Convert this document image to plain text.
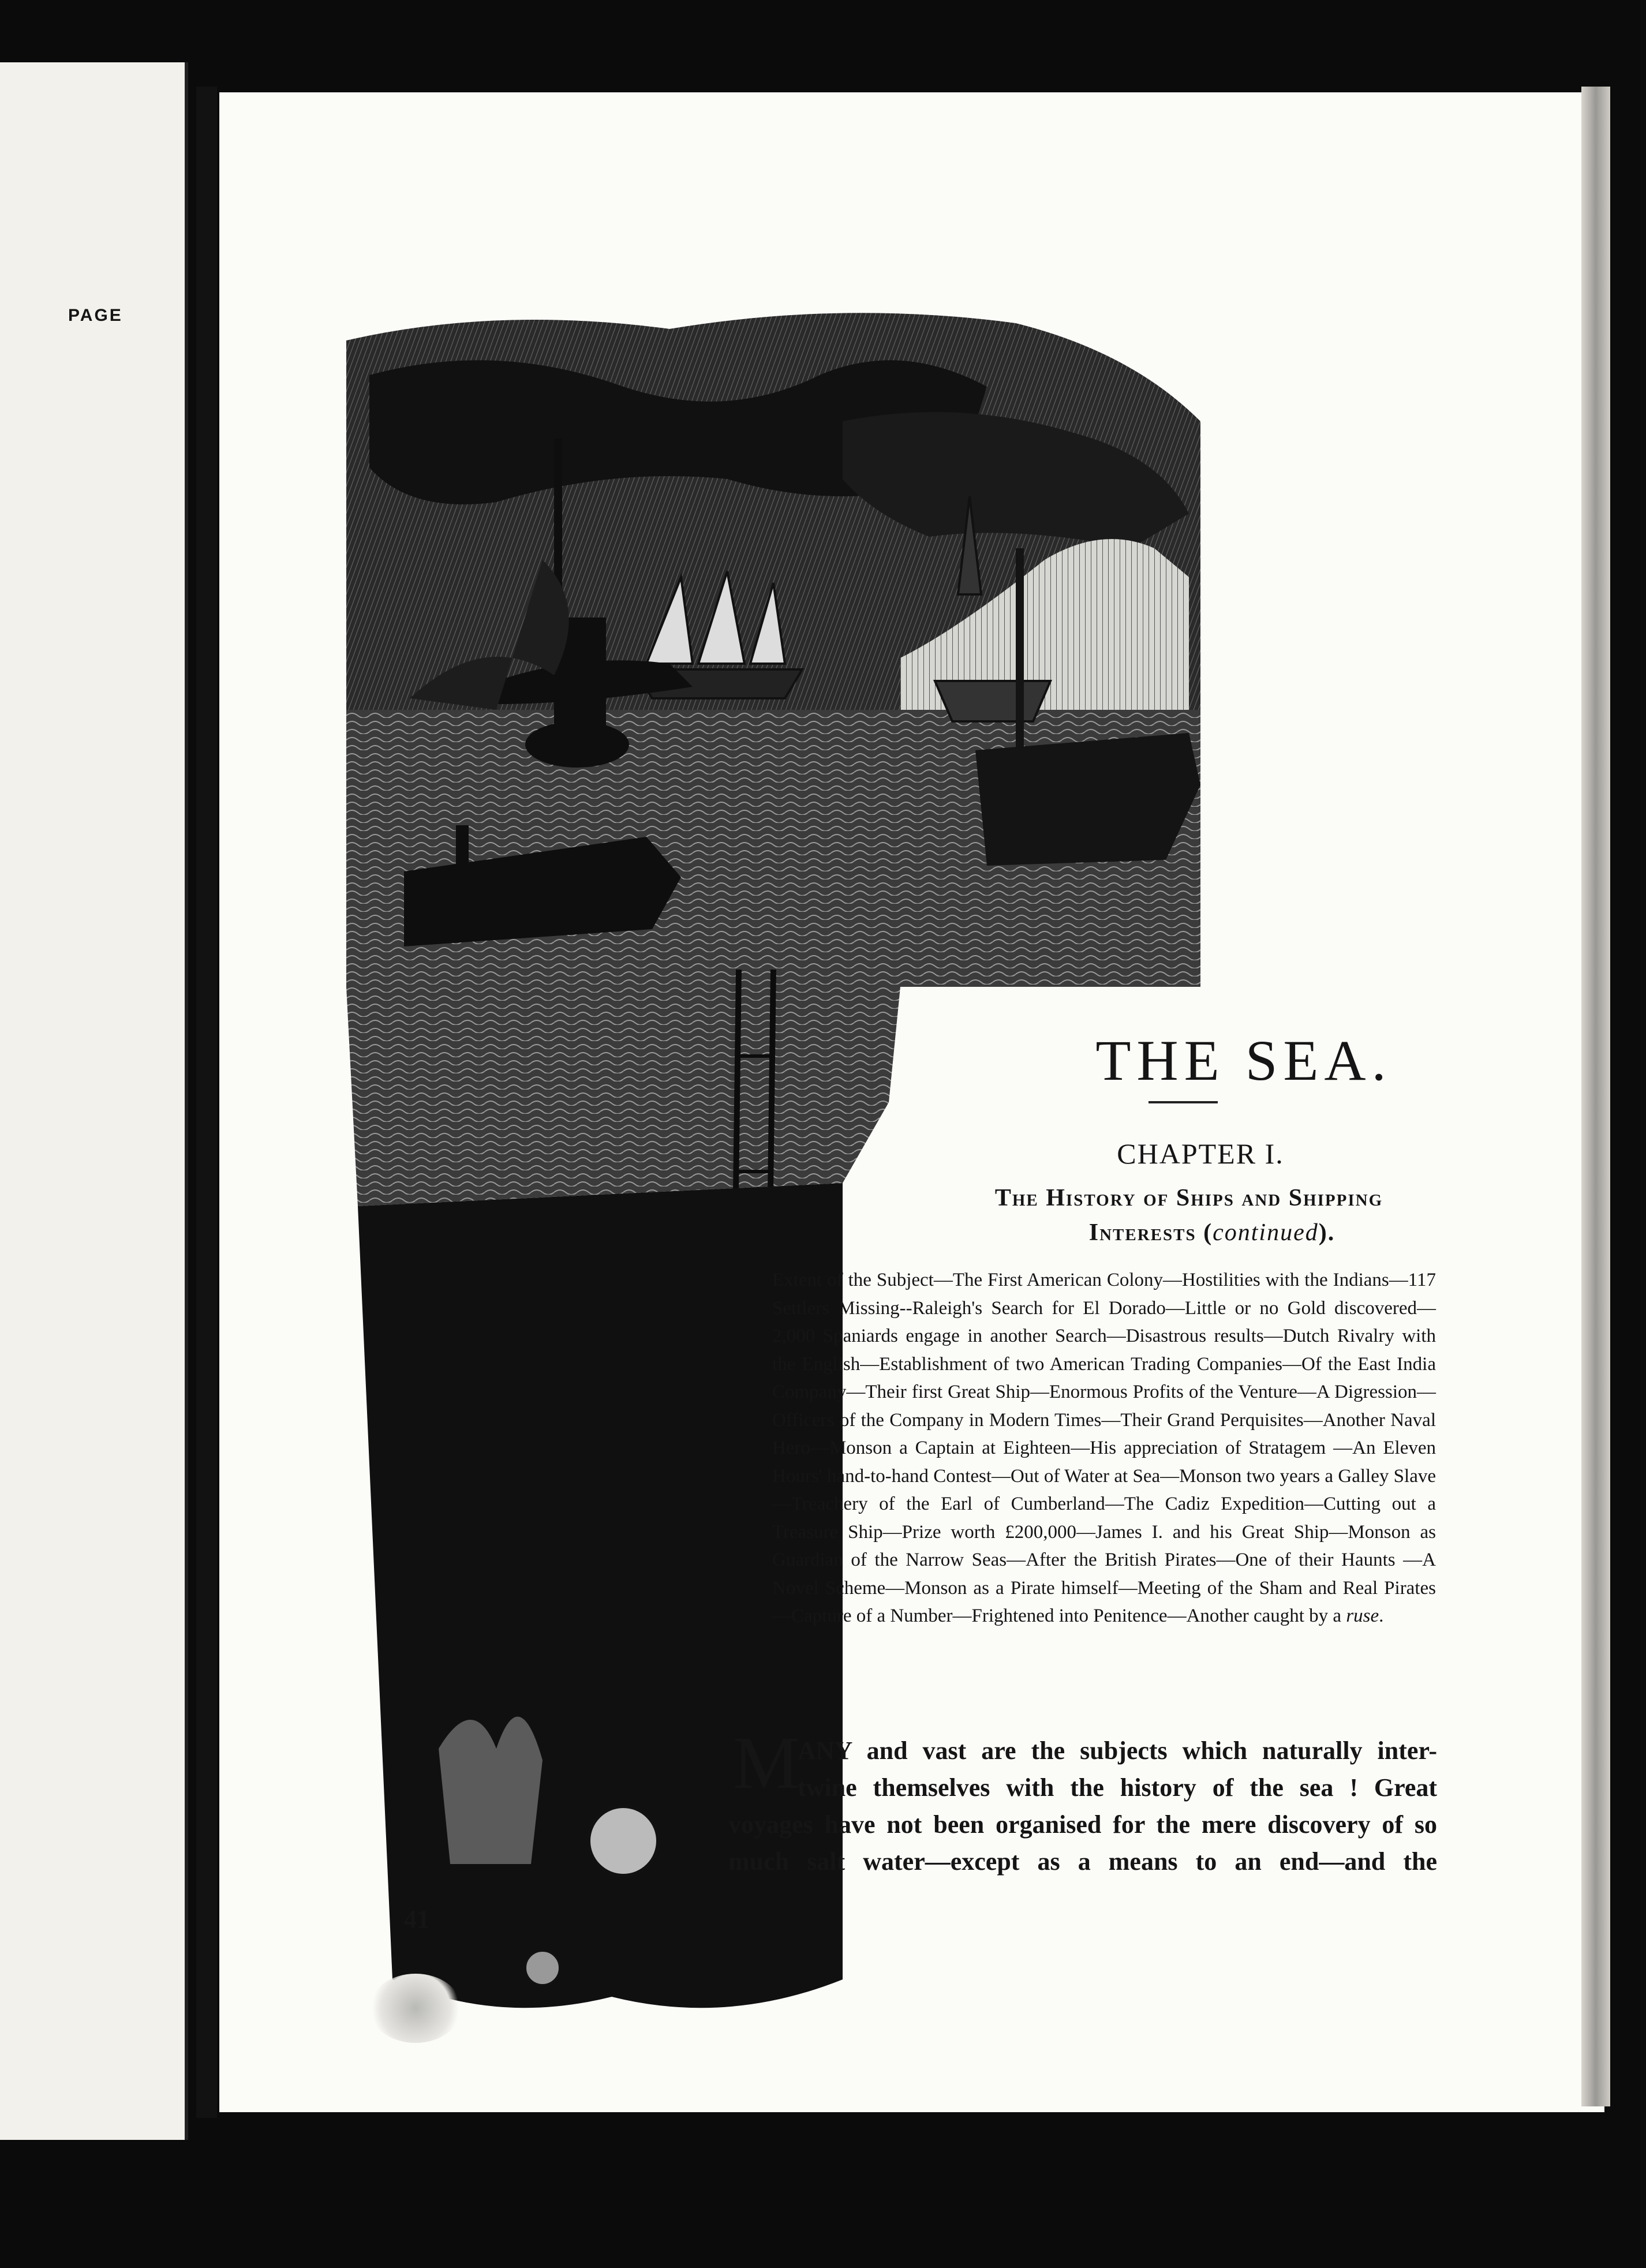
PAGE
THE SEA.
CHAPTER I.
The History of Ships and Shipping
Interests (continued).
Extent of the Subject—The First American Colony—Hostilities with the Indians—117 Settlers Missing--Raleigh's Search for El Dorado—Little or no Gold discovered—2,000 Spaniards engage in another Search—Disastrous results—Dutch Rivalry with the English—Establishment of two American Trading Companies—Of the East India Company—Their first Great Ship—Enormous Profits of the Venture—A Digression—Officers of the Company in Modern Times—Their Grand Perquisites—Another Naval Hero—Monson a Captain at Eighteen—His appreciation of Stratagem —An Eleven Hours' hand-to-hand Contest—Out of Water at Sea—Monson two years a Galley Slave—Treachery of the Earl of Cumberland—The Cadiz Expedition—Cutting out a Treasure Ship—Prize worth £200,000—James I. and his Great Ship—Monson as Guardian of the Narrow Seas—After the British Pirates—One of their Haunts —A Novel Scheme—Monson as a Pirate himself—Meeting of the Sham and Real Pirates—Capture of a Number—Frightened into Penitence—Another caught by a ruse.
M
ANY and vast are the subjects which naturally inter-
twine themselves with the history of the sea ! Great
voyages have not been organised for the mere discovery of so much salt water—except as a means to an end—and the
41
